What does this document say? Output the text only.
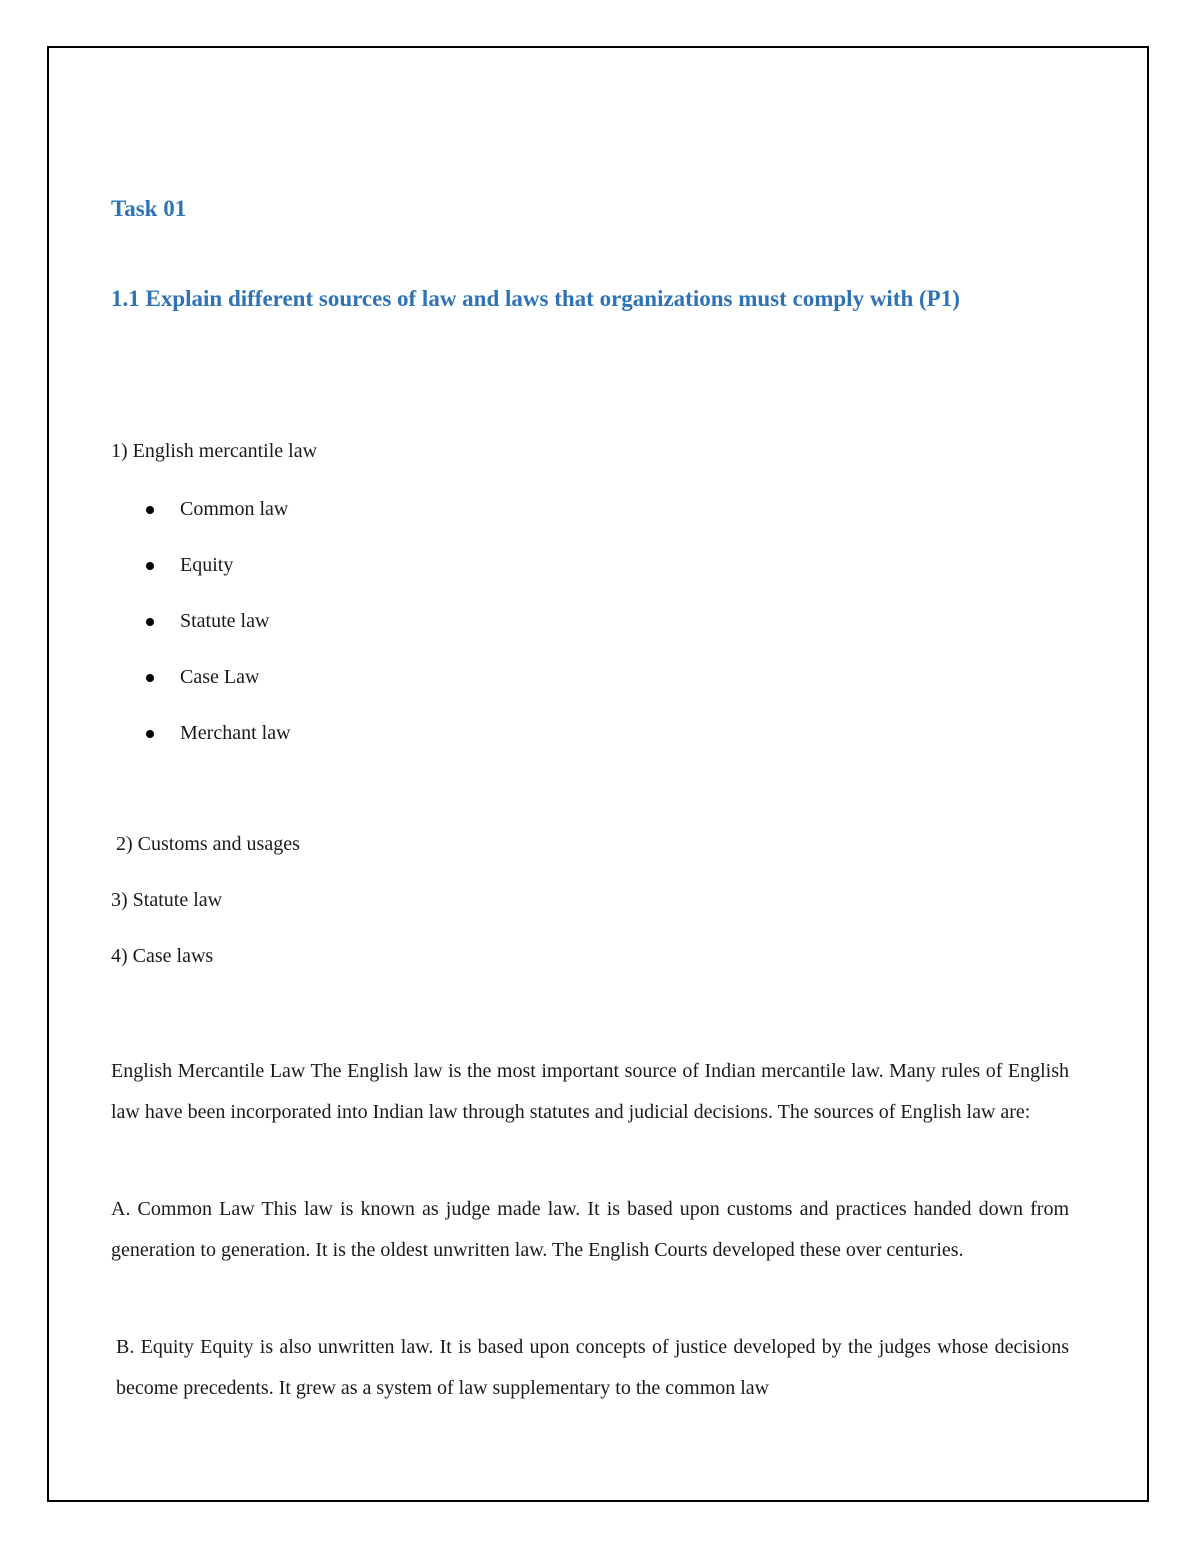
Task 01
1.1 Explain different sources of law and laws that organizations must comply with (P1)

1) English mercantile law

Common law
Equity
Statute law
Case Law
Merchant law

2) Customs and usages

3) Statute law

4) Case laws

English Mercantile Law The English law is the most important source of Indian mercantile law. Many rules of English law have been incorporated into Indian law through statutes and judicial decisions. The sources of English law are:

A. Common Law This law is known as judge made law. It is based upon customs and practices handed down from generation to generation. It is the oldest unwritten law. The English Courts developed these over centuries.

B. Equity Equity is also unwritten law. It is based upon concepts of justice developed by the judges whose decisions become precedents. It grew as a system of law supplementary to the common law
